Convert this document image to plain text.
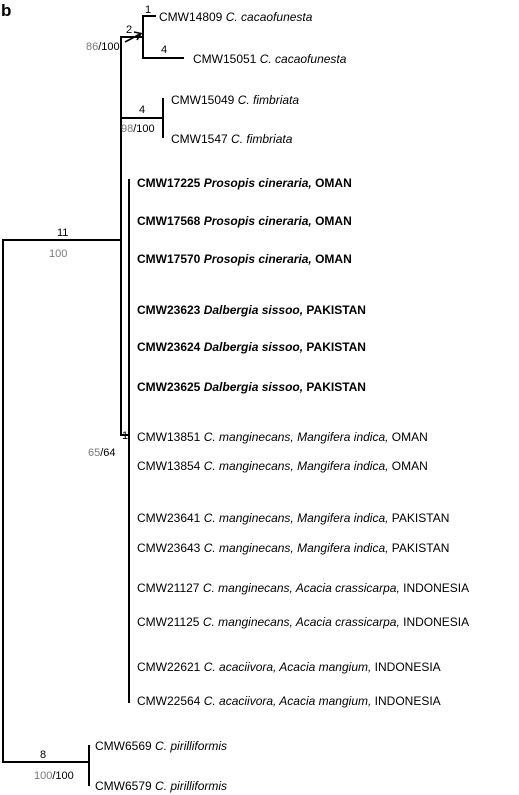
b	1
4
2
86/100
4
98/100
11
100
1
65/64
8
100/100
CMW14809 C. cacaofunesta
CMW15051 C. cacaofunesta
CMW15049 C. fimbriata
CMW1547 C. fimbriata
CMW17225 Prosopis cineraria, OMAN
CMW17568 Prosopis cineraria, OMAN
CMW17570 Prosopis cineraria, OMAN
CMW23623 Dalbergia sissoo, PAKISTAN
CMW23624 Dalbergia sissoo, PAKISTAN
CMW23625 Dalbergia sissoo, PAKISTAN
CMW13851 C. manginecans, Mangifera indica, OMAN
CMW13854 C. manginecans, Mangifera indica, OMAN
CMW23641 C. manginecans, Mangifera indica, PAKISTAN
CMW23643 C. manginecans, Mangifera indica, PAKISTAN
CMW21127 C. manginecans, Acacia crassicarpa, INDONESIA
CMW21125 C. manginecans, Acacia crassicarpa, INDONESIA
CMW22621 C. acaciivora, Acacia mangium, INDONESIA
CMW22564 C. acaciivora, Acacia mangium, INDONESIA
CMW6569 C. pirilliformis
CMW6579 C. pirilliformis
